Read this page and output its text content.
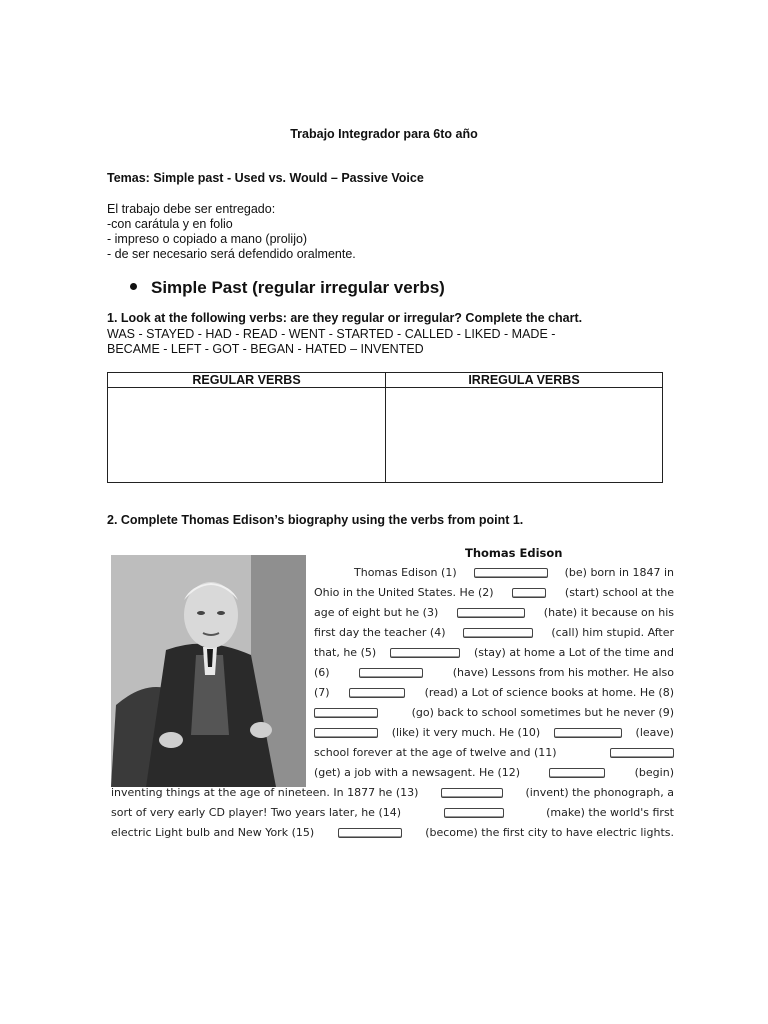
Trabajo Integrador para 6to año
Temas: Simple past - Used vs. Would – Passive Voice
El trabajo debe ser entregado:
-con carátula y en folio
- impreso o copiado a mano (prolijo)
- de ser necesario será defendido oralmente.
Simple Past (regular irregular verbs)
1. Look at the following verbs: are they regular or irregular? Complete the chart.
WAS - STAYED - HAD - READ - WENT - STARTED - CALLED - LIKED - MADE -
BECAME - LEFT - GOT - BEGAN - HATED – INVENTED
REGULAR VERBS	IRREGULA VERBS

2. Complete Thomas Edison’s biography using the verbs from point 1.
Thomas Edison
Thomas Edison (1)	(be) born in 1847 in
Ohio in the United States. He (2)	(start) school at the
age of eight but he (3)	(hate) it because on his
first day the teacher (4)	(call) him stupid. After
that, he (5)	(stay) at home a Lot of the time and
(6)	(have) Lessons from his mother. He also
(7)	(read) a Lot of science books at home. He (8)
(go) back to school sometimes but he never (9)
(like) it very much. He (10)	(leave)
school forever at the age of twelve and (11)
(get) a job with a newsagent. He (12)	(begin)
inventing things at the age of nineteen. In 1877 he (13)	(invent) the phonograph, a
sort of very early CD player! Two years later, he (14)	(make) the world's first
electric Light bulb and New York (15)	(become) the first city to have electric lights.
